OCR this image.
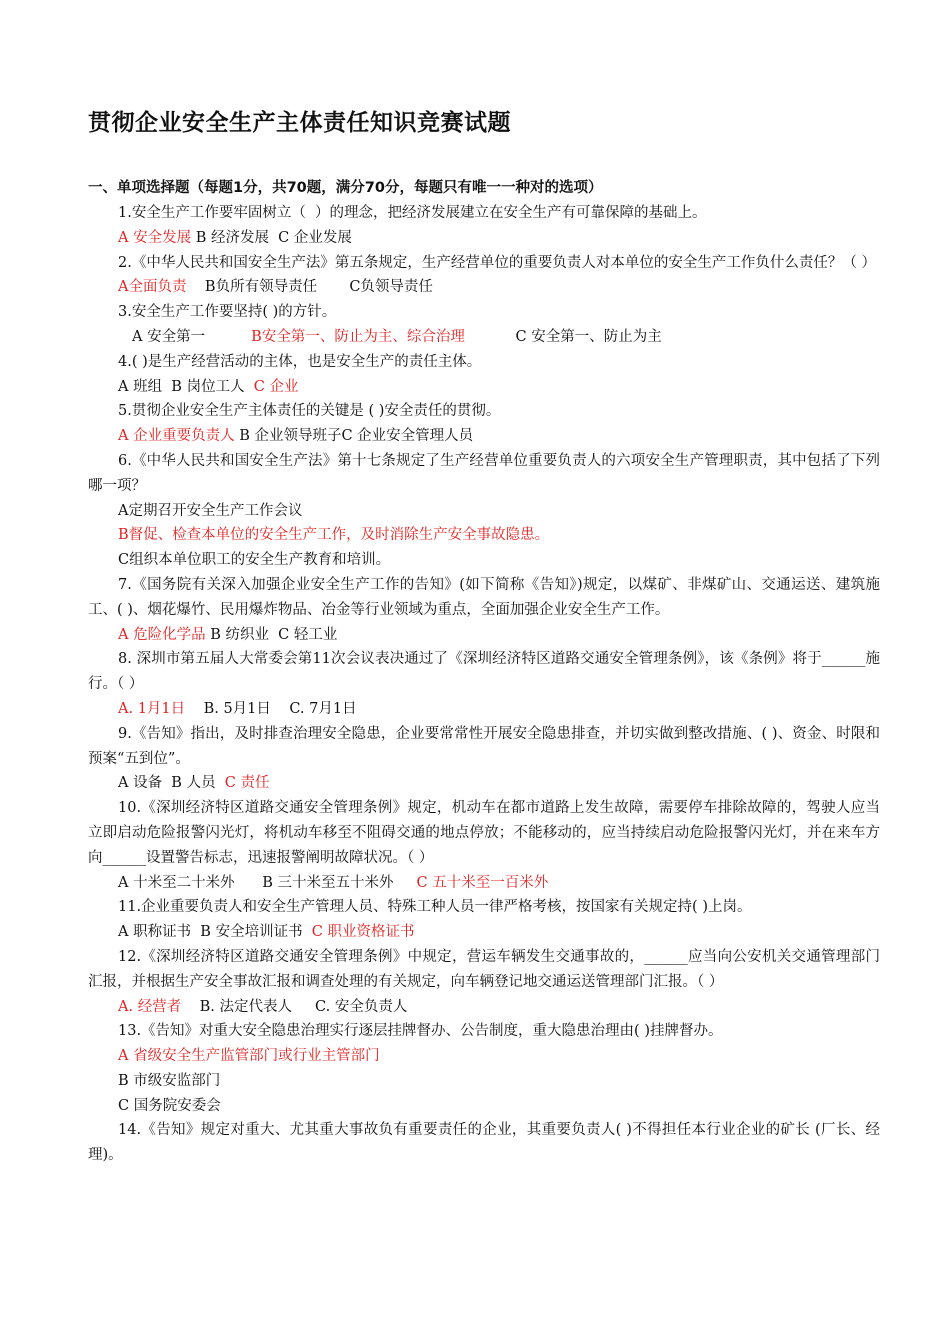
贯彻企业安全生产主体责任知识竞赛试题
一、单项选择题（每题1分，共70题，满分70分，每题只有唯一一种对的选项）
1.安全生产工作要牢固树立（  ）的理念，把经济发展建立在安全生产有可靠保障的基础上。
A 安全发展 B 经济发展  C 企业发展
2.《中华人民共和国安全生产法》第五条规定，生产经营单位的重要负责人对本单位的安全生产工作负什么责任？（ ）
A全面负责    B负所有领导责任       C负领导责任
3.安全生产工作要坚持( )的方针。
A 安全第一          B安全第一、防止为主、综合治理           C 安全第一、防止为主
4.( )是生产经营活动的主体，也是安全生产的责任主体。
A 班组  B 岗位工人  C 企业
5.贯彻企业安全生产主体责任的关键是 ( )安全责任的贯彻。
A 企业重要负责人 B 企业领导班子C 企业安全管理人员
6.《中华人民共和国安全生产法》第十七条规定了生产经营单位重要负责人的六项安全生产管理职责，其中包括了下列哪一项？
A定期召开安全生产工作会议
B督促、检查本单位的安全生产工作，及时消除生产安全事故隐患。
C组织本单位职工的安全生产教育和培训。
7.《国务院有关深入加强企业安全生产工作的告知》(如下简称《告知》)规定，以煤矿、非煤矿山、交通运送、建筑施工、( )、烟花爆竹、民用爆炸物品、冶金等行业领域为重点，全面加强企业安全生产工作。
A 危险化学品 B 纺织业  C 轻工业
8. 深圳市第五届人大常委会第11次会议表决通过了《深圳经济特区道路交通安全管理条例》，该《条例》将于______施行。（ ）
A. 1月1日    B. 5月1日    C. 7月1日
9.《告知》指出，及时排查治理安全隐患，企业要常常性开展安全隐患排查，并切实做到整改措施、( )、资金、时限和预案“五到位”。
A 设备  B 人员  C 责任
10.《深圳经济特区道路交通安全管理条例》规定，机动车在都市道路上发生故障，需要停车排除故障的，驾驶人应当立即启动危险报警闪光灯，将机动车移至不阻碍交通的地点停放；不能移动的，应当持续启动危险报警闪光灯，并在来车方向______设置警告标志，迅速报警阐明故障状况。（ ）
A 十米至二十米外      B 三十米至五十米外     C 五十米至一百米外
11.企业重要负责人和安全生产管理人员、特殊工种人员一律严格考核，按国家有关规定持( )上岗。
A 职称证书  B 安全培训证书  C 职业资格证书
12.《深圳经济特区道路交通安全管理条例》中规定，营运车辆发生交通事故的，______应当向公安机关交通管理部门汇报，并根据生产安全事故汇报和调查处理的有关规定，向车辆登记地交通运送管理部门汇报。（ ）
A. 经营者    B. 法定代表人     C. 安全负责人
13.《告知》对重大安全隐患治理实行逐层挂牌督办、公告制度，重大隐患治理由( )挂牌督办。
A 省级安全生产监管部门或行业主管部门
B 市级安监部门
C 国务院安委会
14.《告知》规定对重大、尤其重大事故负有重要责任的企业，其重要负责人( )不得担任本行业企业的矿长 (厂长、经理)。
